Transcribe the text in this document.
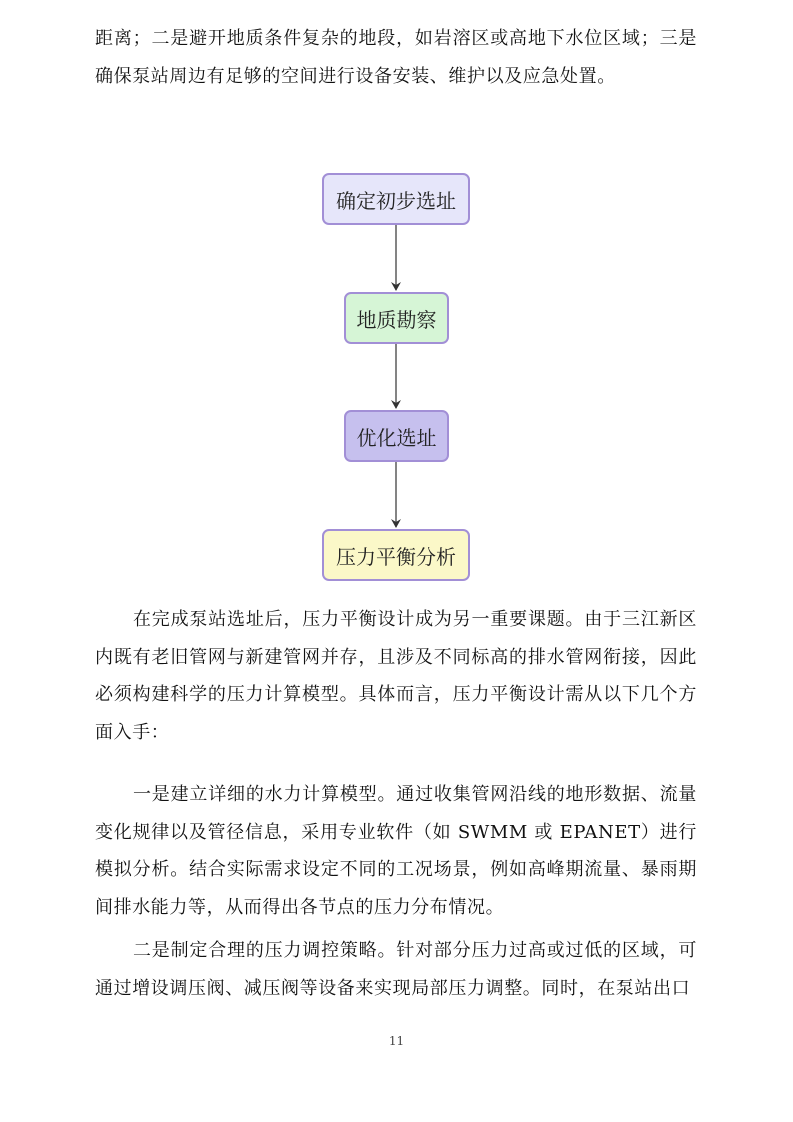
距离；二是避开地质条件复杂的地段，如岩溶区或高地下水位区域；三是确保泵站周边有足够的空间进行设备安装、维护以及应急处置。

确定初步选址
地质勘察
优化选址
压力平衡分析

在完成泵站选址后，压力平衡设计成为另一重要课题。由于三江新区内既有老旧管网与新建管网并存，且涉及不同标高的排水管网衔接，因此必须构建科学的压力计算模型。具体而言，压力平衡设计需从以下几个方面入手：

一是建立详细的水力计算模型。通过收集管网沿线的地形数据、流量变化规律以及管径信息，采用专业软件（如 SWMM 或 EPANET）进行模拟分析。结合实际需求设定不同的工况场景，例如高峰期流量、暴雨期间排水能力等，从而得出各节点的压力分布情况。

二是制定合理的压力调控策略。针对部分压力过高或过低的区域，可通过增设调压阀、减压阀等设备来实现局部压力调整。同时，在泵站出口

11
